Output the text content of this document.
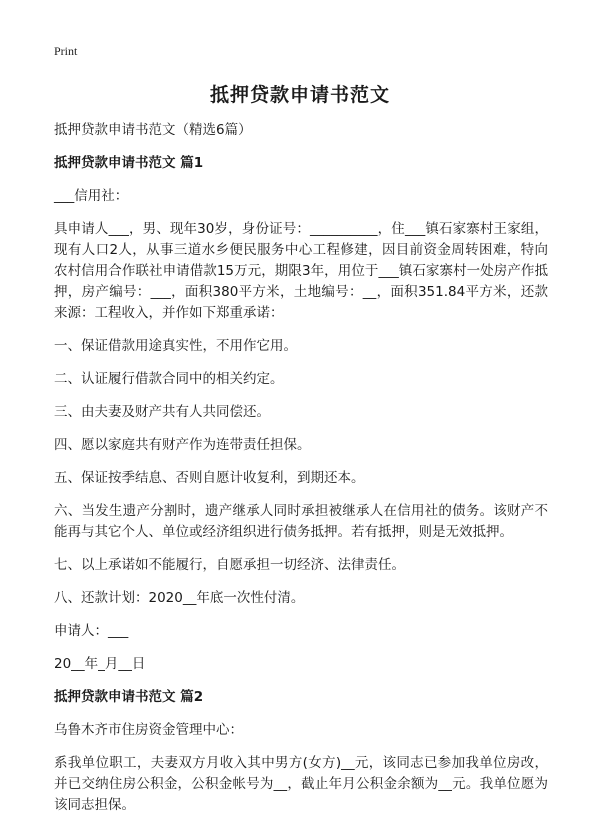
Print
抵押贷款申请书范文

抵押贷款申请书范文（精选6篇）

抵押贷款申请书范文 篇1

___信用社：

具申请人___，男、现年30岁，身份证号：__________，住___镇石家寨村王家组，现有人口2人，从事三道水乡便民服务中心工程修建，因目前资金周转困难，特向农村信用合作联社申请借款15万元，期限3年，用位于___镇石家寨村一处房产作抵押，房产编号：___，面积380平方米，土地编号：__，面积351.84平方米，还款来源：工程收入，并作如下郑重承诺：

一、保证借款用途真实性，不用作它用。

二、认证履行借款合同中的相关约定。

三、由夫妻及财产共有人共同偿还。

四、愿以家庭共有财产作为连带责任担保。

五、保证按季结息、否则自愿计收复利，到期还本。

六、当发生遗产分割时，遗产继承人同时承担被继承人在信用社的债务。该财产不能再与其它个人、单位或经济组织进行债务抵押。若有抵押，则是无效抵押。

七、以上承诺如不能履行，自愿承担一切经济、法律责任。

八、还款计划：2020__年底一次性付清。

申请人：___

20__年_月__日

抵押贷款申请书范文 篇2

乌鲁木齐市住房资金管理中心：

系我单位职工，夫妻双方月收入其中男方(女方)__元，该同志已参加我单位房改，并已交纳住房公积金，公积金帐号为__，截止年月公积金余额为__元。我单位愿为该同志担保。
